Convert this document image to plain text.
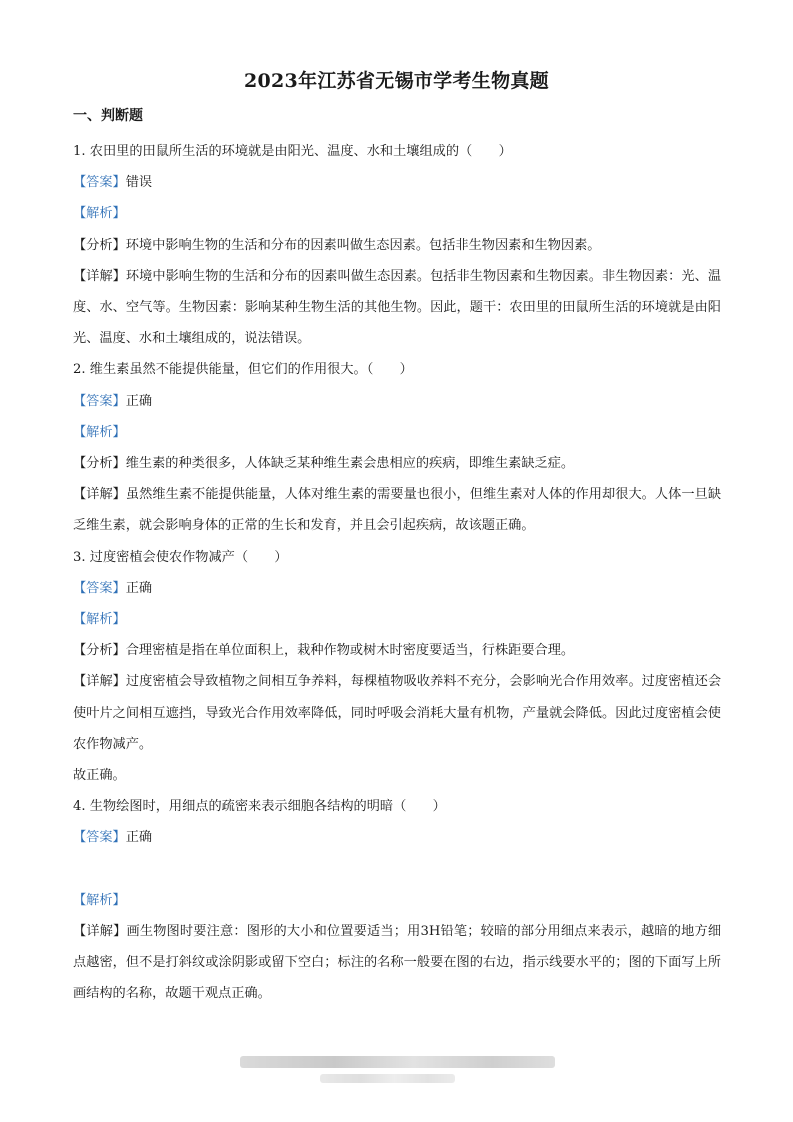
2023年江苏省无锡市学考生物真题
一、判断题
1. 农田里的田鼠所生活的环境就是由阳光、温度、水和土壤组成的（　　）
【答案】错误
【解析】
【分析】环境中影响生物的生活和分布的因素叫做生态因素。包括非生物因素和生物因素。
【详解】环境中影响生物的生活和分布的因素叫做生态因素。包括非生物因素和生物因素。非生物因素：光、温度、水、空气等。生物因素：影响某种生物生活的其他生物。因此，题干：农田里的田鼠所生活的环境就是由阳光、温度、水和土壤组成的，说法错误。
2. 维生素虽然不能提供能量，但它们的作用很大。（　　）
【答案】正确
【解析】
【分析】维生素的种类很多，人体缺乏某种维生素会患相应的疾病，即维生素缺乏症。
【详解】虽然维生素不能提供能量，人体对维生素的需要量也很小，但维生素对人体的作用却很大。人体一旦缺乏维生素，就会影响身体的正常的生长和发育，并且会引起疾病，故该题正确。
3. 过度密植会使农作物减产（　　）
【答案】正确
【解析】
【分析】合理密植是指在单位面积上，栽种作物或树木时密度要适当，行株距要合理。
【详解】过度密植会导致植物之间相互争养料，每棵植物吸收养料不充分，会影响光合作用效率。过度密植还会使叶片之间相互遮挡，导致光合作用效率降低，同时呼吸会消耗大量有机物，产量就会降低。因此过度密植会使农作物减产。
故正确。
4. 生物绘图时，用细点的疏密来表示细胞各结构的明暗（　　）
【答案】正确
【解析】
【详解】画生物图时要注意：图形的大小和位置要适当；用3H铅笔；较暗的部分用细点来表示，越暗的地方细点越密，但不是打斜纹或涂阴影或留下空白；标注的名称一般要在图的右边，指示线要水平的；图的下面写上所画结构的名称，故题干观点正确。
